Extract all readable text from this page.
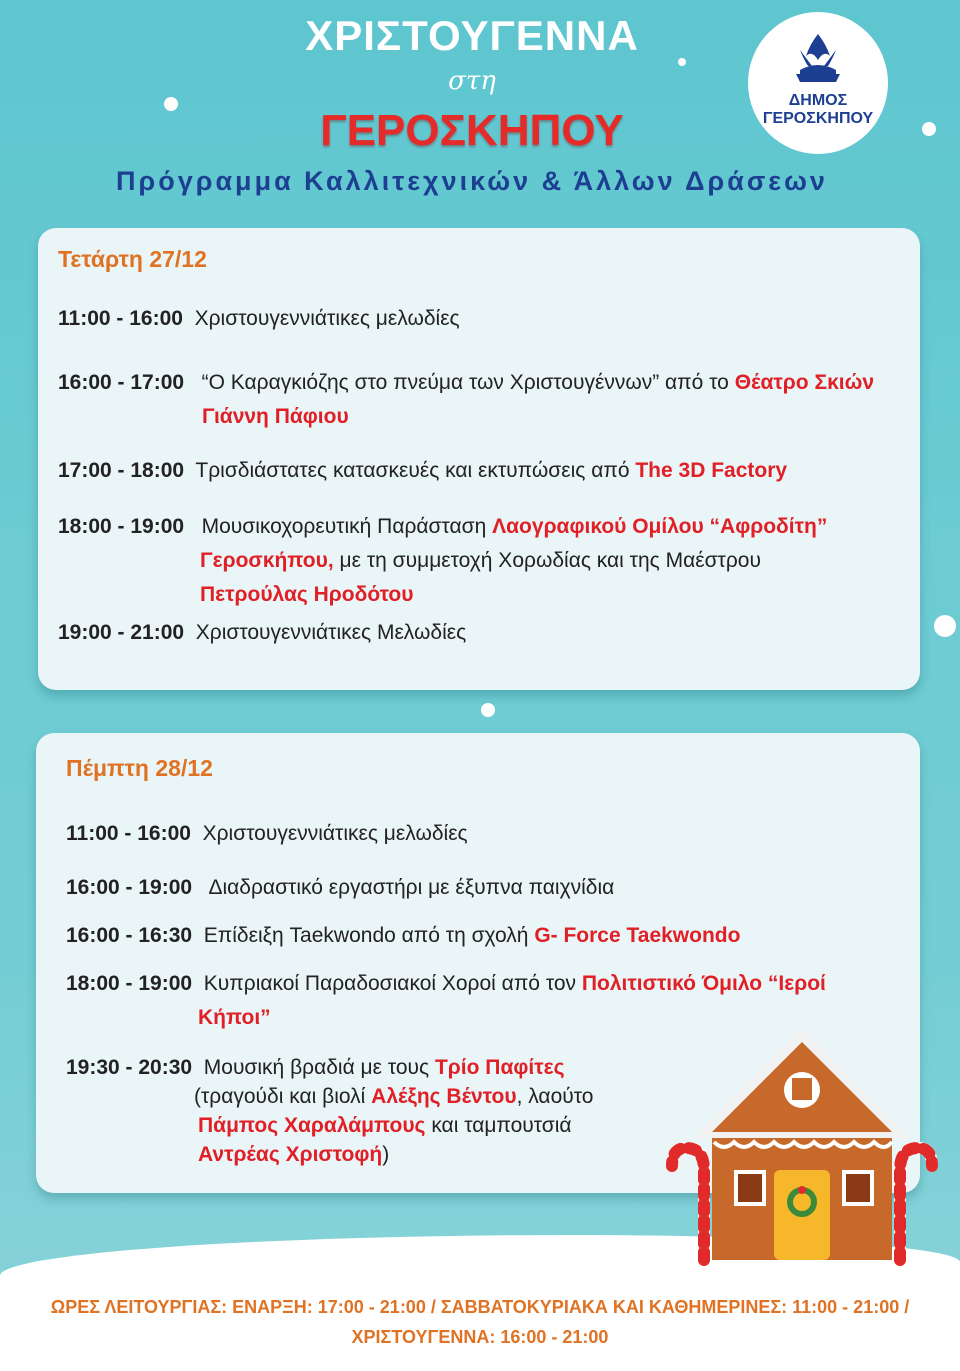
ΧΡΙΣΤΟΥΓΕΝΝΑ
στη
ΓΕΡΟΣΚΗΠΟΥ
Πρόγραμμα Καλλιτεχνικών & Άλλων Δράσεων
ΔΗΜΟΣ
ΓΕΡΟΣΚΗΠΟΥ
Τετάρτη 27/12
11:00 - 16:00 Χριστουγεννιάτικες μελωδίες
16:00 - 17:00 “Ο Καραγκιόζης στο πνεύμα των Χριστουγέννων” από το Θέατρο Σκιών
Γιάννη Πάφιου
17:00 - 18:00 Τρισδιάστατες κατασκευές και εκτυπώσεις από The 3D Factory
18:00 - 19:00 Μουσικοχορευτική Παράσταση Λαογραφικού Ομίλου “Αφροδίτη”
Γεροσκήπου, με τη συμμετοχή Χορωδίας και της Μαέστρου
Πετρούλας Ηροδότου
19:00 - 21:00 Χριστουγεννιάτικες Μελωδίες
Πέμπτη 28/12
11:00 - 16:00 Χριστουγεννιάτικες μελωδίες
16:00 - 19:00 Διαδραστικό εργαστήρι με έξυπνα παιχνίδια
16:00 - 16:30 Επίδειξη Taekwondo από τη σχολή G- Force Taekwondo
18:00 - 19:00 Κυπριακοί Παραδοσιακοί Χοροί από τον Πολιτιστικό Όμιλο “Ιεροί
Κήποι”
19:30 - 20:30 Μουσική βραδιά με τους Τρίο Παφίτες
(τραγούδι και βιολί Αλέξης Βέντου, λαούτο
Πάμπος Χαραλάμπους και ταμπουτσιά
Αντρέας Χριστοφή)
ΩΡΕΣ ΛΕΙΤΟΥΡΓΙΑΣ: ΕΝΑΡΞΗ: 17:00 - 21:00 / ΣΑΒΒΑΤΟΚΥΡΙΑΚΑ ΚΑΙ ΚΑΘΗΜΕΡΙΝΕΣ: 11:00 - 21:00 /
ΧΡΙΣΤΟΥΓΕΝΝΑ: 16:00 - 21:00
